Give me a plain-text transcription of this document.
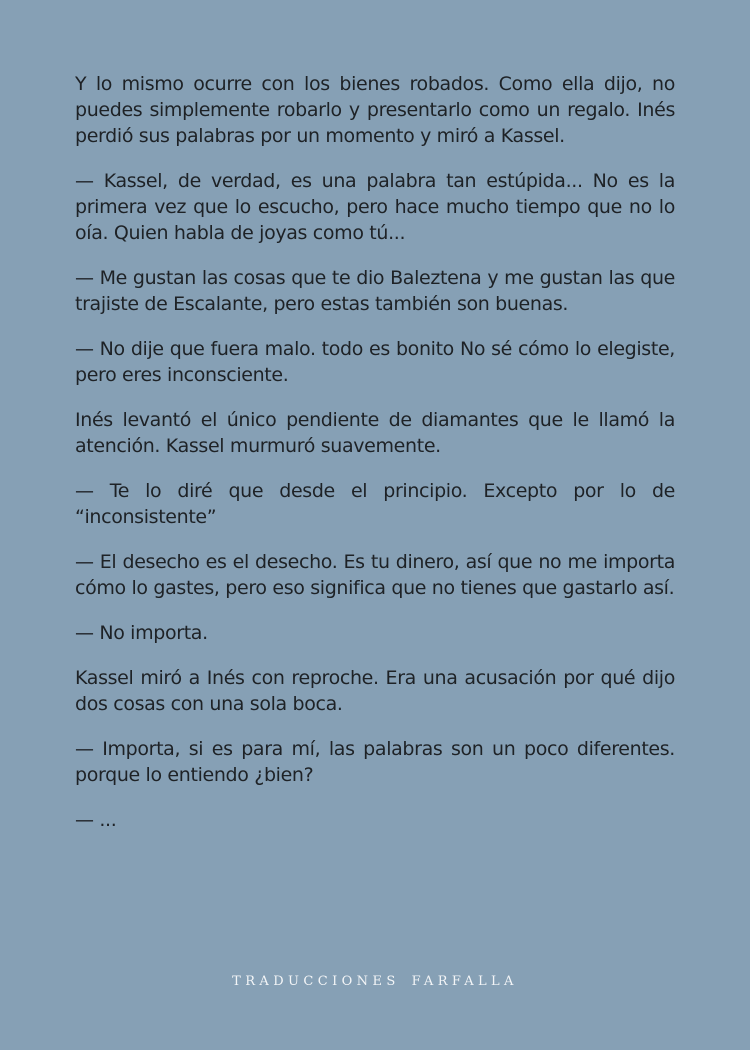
Y lo mismo ocurre con los bienes robados. Como ella dijo, no puedes simplemente robarlo y presentarlo como un regalo. Inés perdió sus palabras por un momento y miró a Kassel.

— Kassel, de verdad, es una palabra tan estúpida... No es la primera vez que lo escucho, pero hace mucho tiempo que no lo oía. Quien habla de joyas como tú...

— Me gustan las cosas que te dio Baleztena y me gustan las que trajiste de Escalante, pero estas también son buenas.

— No dije que fuera malo. todo es bonito No sé cómo lo elegiste, pero eres inconsciente.

Inés levantó el único pendiente de diamantes que le llamó la atención. Kassel murmuró suavemente.

— Te lo diré que desde el principio. Excepto por lo de “inconsistente”

— El desecho es el desecho. Es tu dinero, así que no me importa cómo lo gastes, pero eso significa que no tienes que gastarlo así.

— No importa.

Kassel miró a Inés con reproche. Era una acusación por qué dijo dos cosas con una sola boca.

— Importa, si es para mí, las palabras son un poco diferentes. porque lo entiendo ¿bien?

— ...

TRADUCCIONES FARFALLA
